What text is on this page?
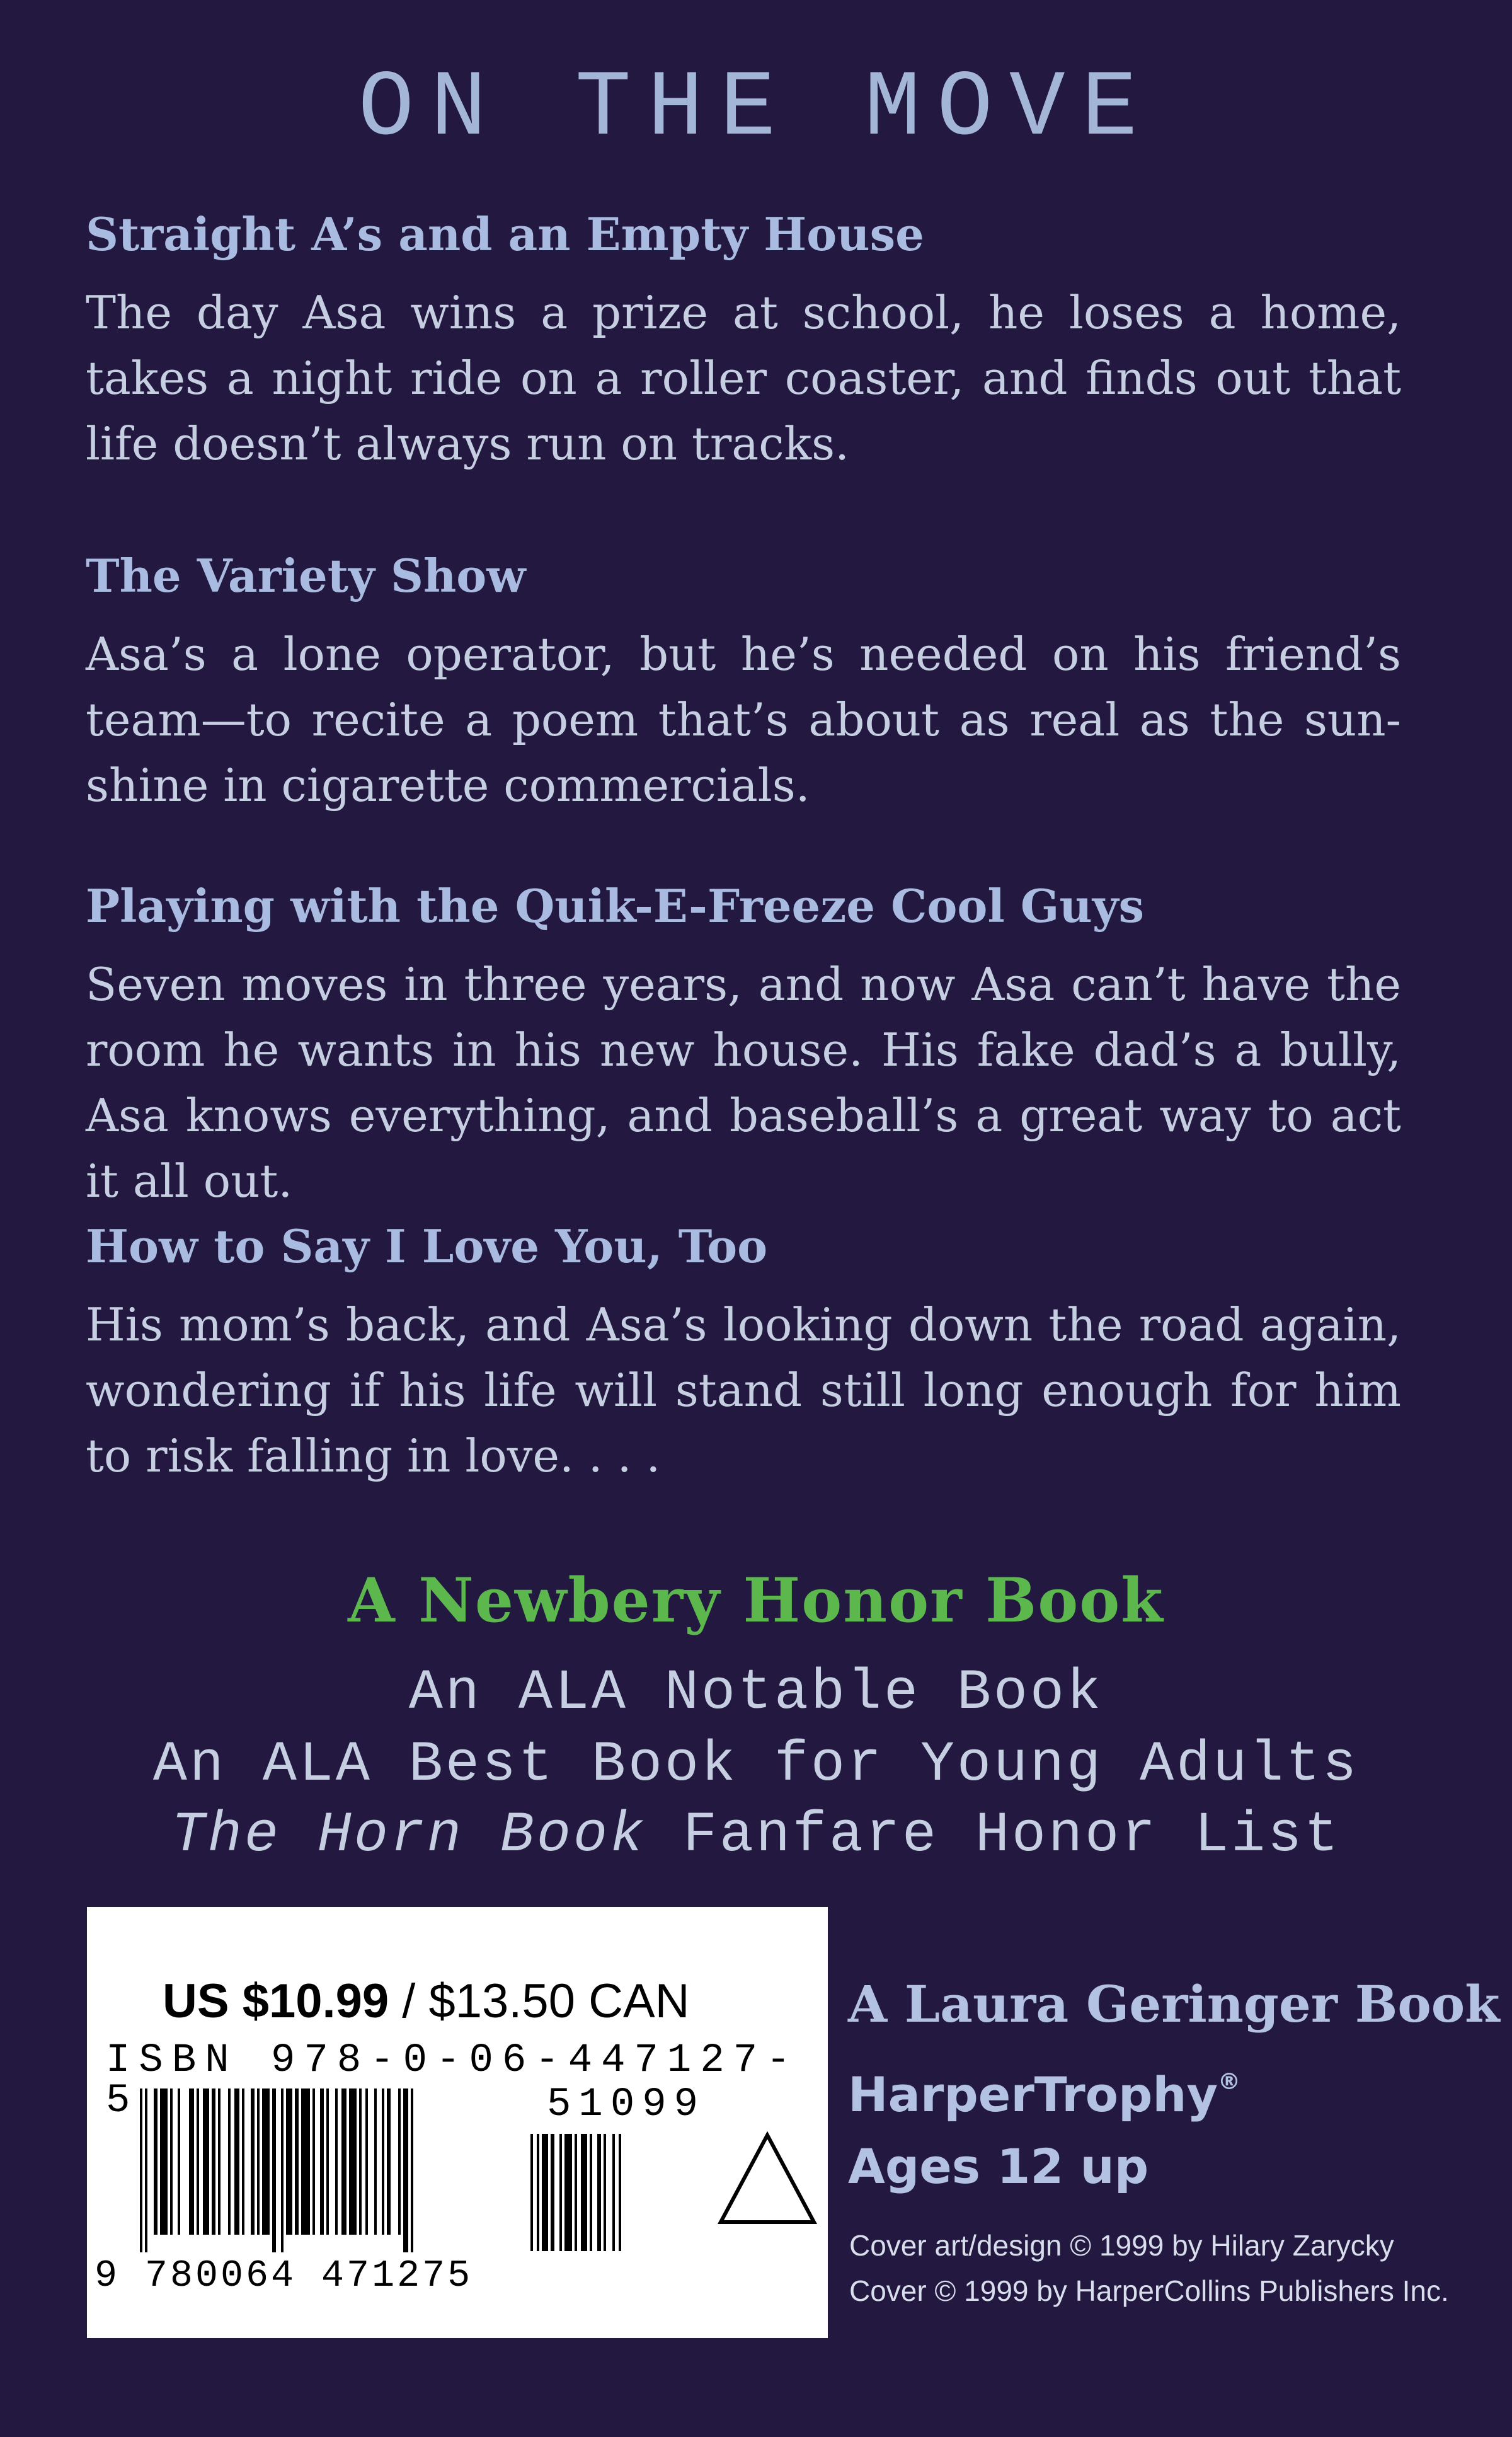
ON THE MOVE
Straight A’s and an Empty House

The day Asa wins a prize at school, he loses a home, takes a night ride on a roller coaster, and finds out that life doesn’t always run on tracks.

The Variety Show

Asa’s a lone operator, but he’s needed on his friend’s team—to recite a poem that’s about as real as the sun-shine in cigarette commercials.

Playing with the Quik-E-Freeze Cool Guys

Seven moves in three years, and now Asa can’t have the room he wants in his new house. His fake dad’s a bully, Asa knows everything, and baseball’s a great way to act it all out.

How to Say I Love You, Too

His mom’s back, and Asa’s looking down the road again, wondering if his life will stand still long enough for him to risk falling in love. . . .

A Newbery Honor Book
An ALA Notable Book
An ALA Best Book for Young Adults
The Horn Book Fanfare Honor List
US $10.99 / $13.50 CAN
ISBN 978-0-06-447127-5	51099
9 780064 471275
A Laura Geringer Book
HarperTrophy®
Ages 12 up
Cover art/design © 1999 by Hilary Zarycky
Cover © 1999 by HarperCollins Publishers Inc.
